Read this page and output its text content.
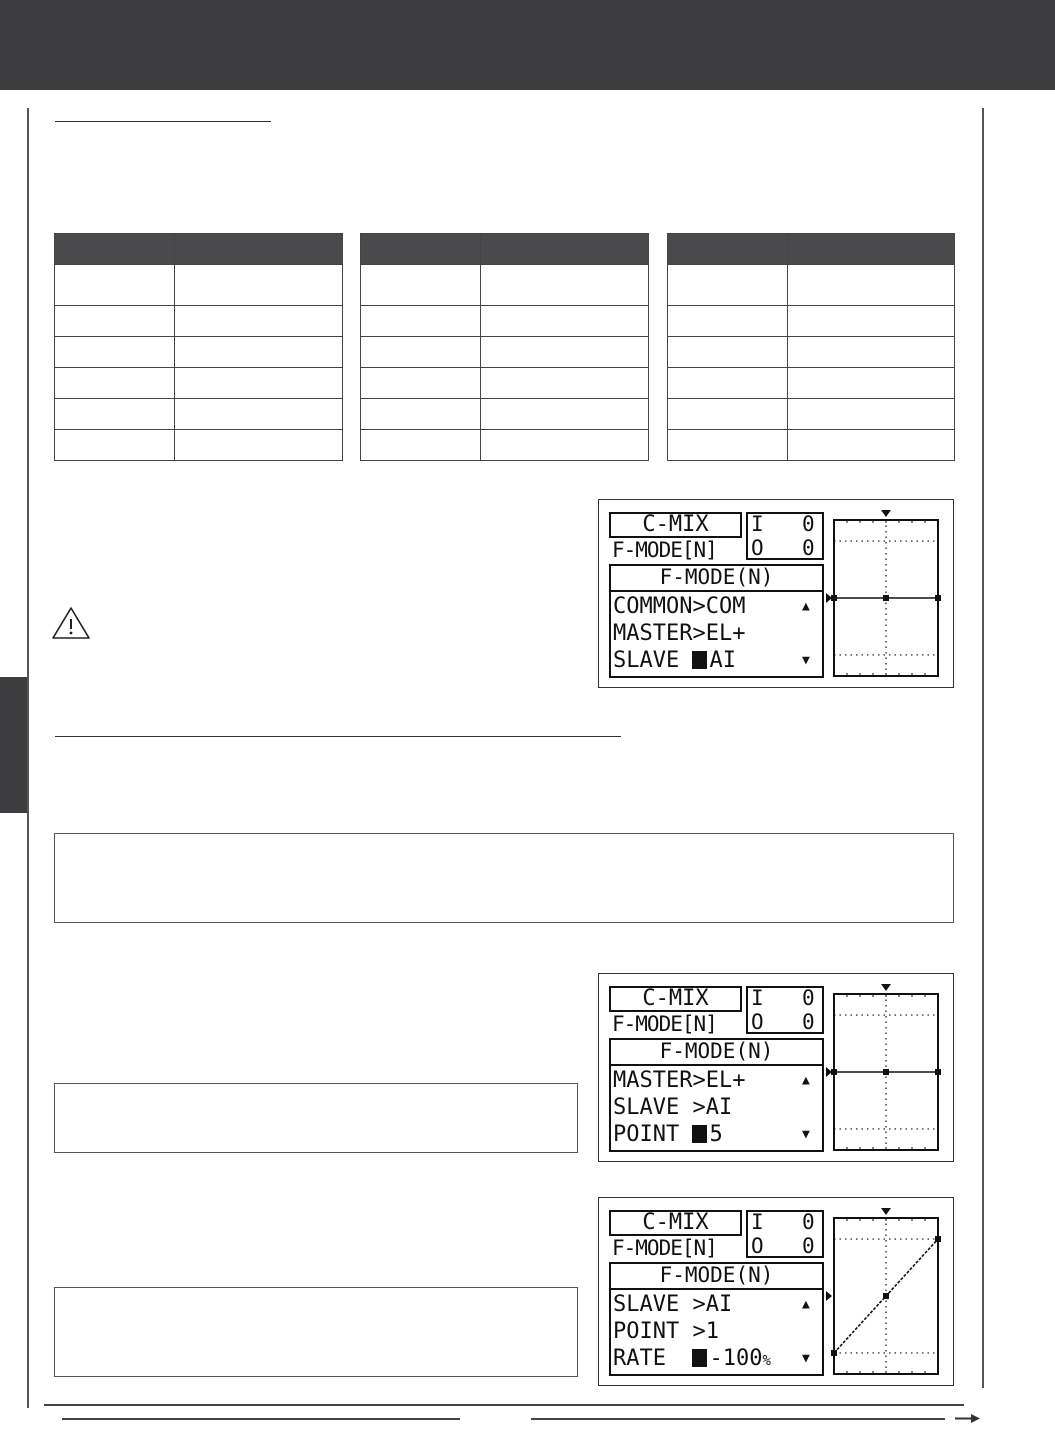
C-MIX
F-MODE[N]
I 0
O 0
F-MODE(N)
COMMON>COM	▲
MASTER>EL+
SLAVE AI	▼
C-MIX
F-MODE[N]
I 0
O 0
F-MODE(N)
MASTER>EL+	▲
SLAVE >AI
POINT 5	▼
C-MIX
F-MODE[N]
I 0
O 0
F-MODE(N)
SLAVE >AI	▲
POINT >1
RATE  -100% ▼
